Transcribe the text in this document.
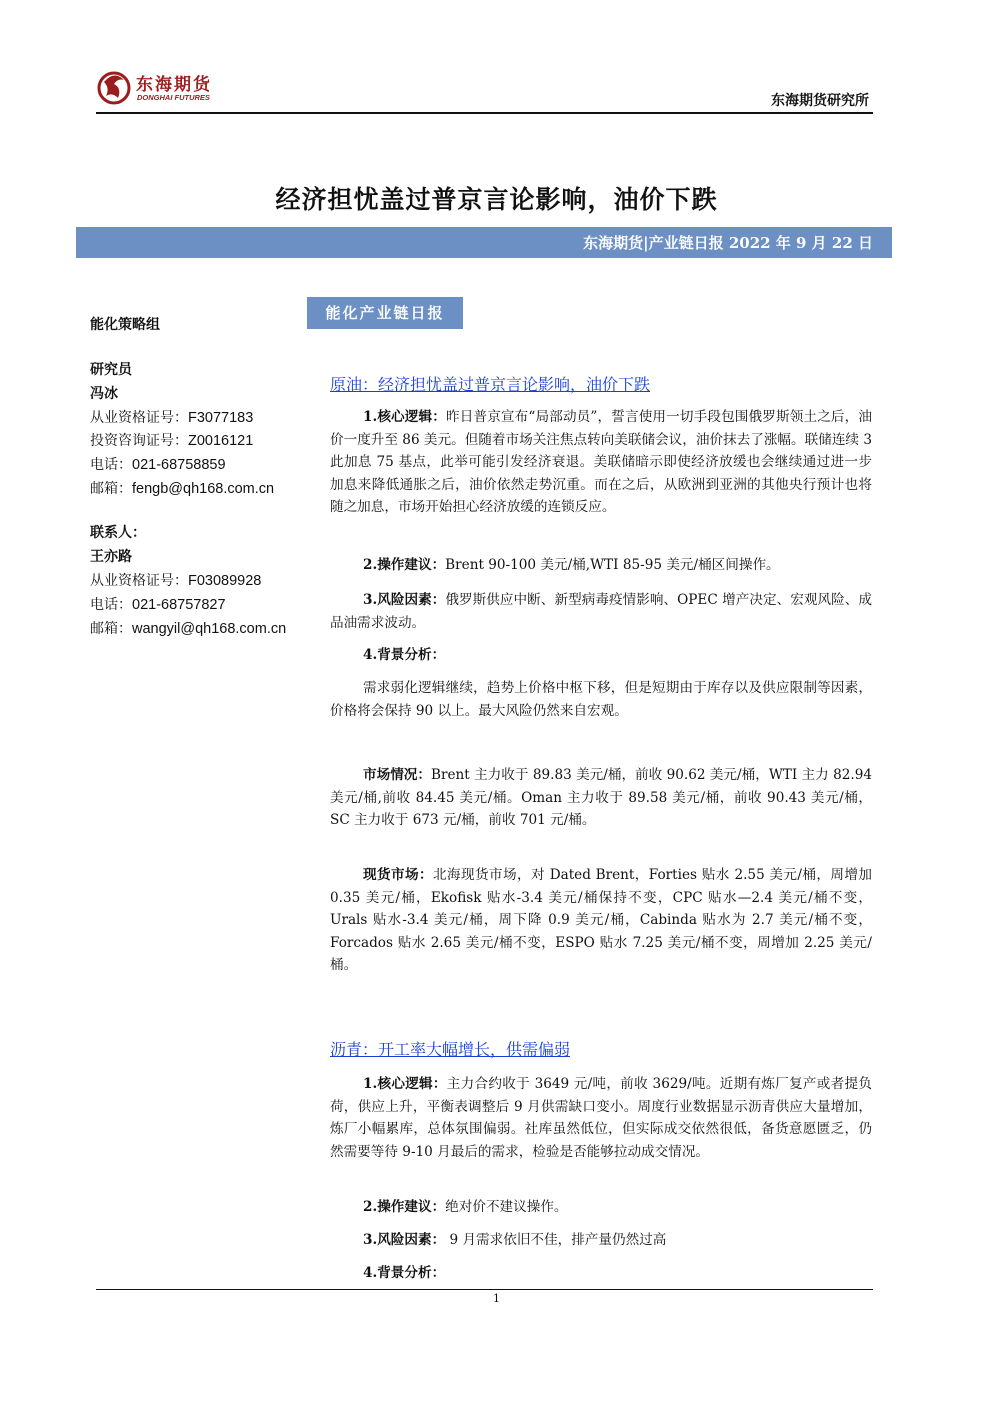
东海期货
DONGHAI FUTURES	东海期货研究所
经济担忧盖过普京言论影响，油价下跌
东海期货|产业链日报 2022 年 9 月 22 日
能化策略组
研究员
冯冰
从业资格证号：F3077183
投资咨询证号：Z0016121
电话：021-68758859
邮箱：fengb@qh168.com.cn
联系人：
王亦路
从业资格证号：F03089928
电话：021-68757827
邮箱：wangyil@qh168.com.cn
能化产业链日报
原油：经济担忧盖过普京言论影响，油价下跌
1.核心逻辑：昨日普京宣布“局部动员”，誓言使用一切手段包围俄罗斯领土之后，油价一度升至 86 美元。但随着市场关注焦点转向美联储会议，油价抹去了涨幅。联储连续 3 此加息 75 基点，此举可能引发经济衰退。美联储暗示即使经济放缓也会继续通过进一步加息来降低通胀之后，油价依然走势沉重。而在之后，从欧洲到亚洲的其他央行预计也将随之加息，市场开始担心经济放缓的连锁反应。
2.操作建议：Brent 90-100 美元/桶,WTI 85-95 美元/桶区间操作。
3.风险因素：俄罗斯供应中断、新型病毒疫情影响、OPEC 增产决定、宏观风险、成品油需求波动。
4.背景分析：
需求弱化逻辑继续，趋势上价格中枢下移，但是短期由于库存以及供应限制等因素，价格将会保持 90 以上。最大风险仍然来自宏观。
市场情况：Brent 主力收于 89.83 美元/桶，前收 90.62 美元/桶，WTI 主力 82.94 美元/桶,前收 84.45 美元/桶。Oman 主力收于 89.58 美元/桶，前收 90.43 美元/桶，SC 主力收于 673 元/桶，前收 701 元/桶。
现货市场：北海现货市场，对 Dated Brent，Forties 贴水 2.55 美元/桶，周增加 0.35 美元/桶，Ekofisk 贴水-3.4 美元/桶保持不变，CPC 贴水—2.4 美元/桶不变，Urals 贴水-3.4 美元/桶，周下降 0.9 美元/桶，Cabinda 贴水为 2.7 美元/桶不变， Forcados 贴水 2.65 美元/桶不变，ESPO 贴水 7.25 美元/桶不变，周增加 2.25 美元/桶。
沥青：开工率大幅增长，供需偏弱
1.核心逻辑：主力合约收于 3649 元/吨，前收 3629/吨。近期有炼厂复产或者提负荷，供应上升，平衡表调整后 9 月供需缺口变小。周度行业数据显示沥青供应大量增加，炼厂小幅累库，总体氛围偏弱。社库虽然低位，但实际成交依然很低，备货意愿匮乏，仍然需要等待 9-10 月最后的需求，检验是否能够拉动成交情况。
2.操作建议：绝对价不建议操作。
3.风险因素： 9 月需求依旧不佳，排产量仍然过高
4.背景分析：
1
